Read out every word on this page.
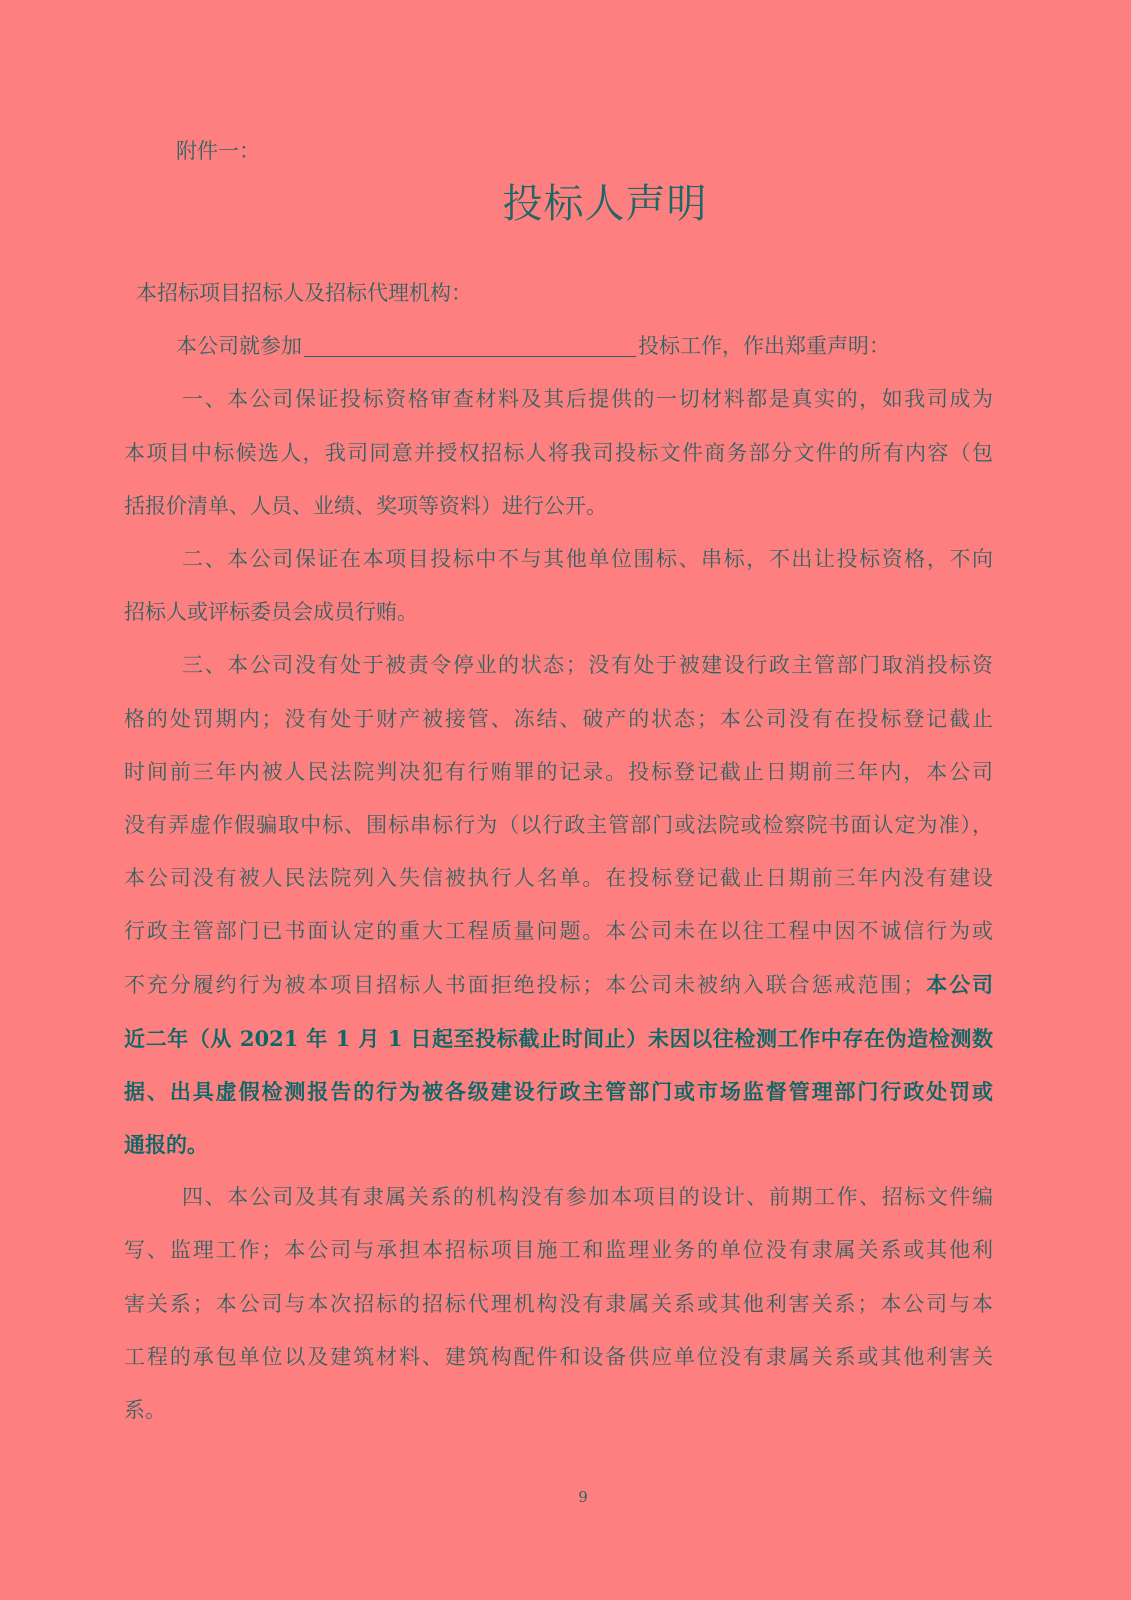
附件一：
投标人声明
本招标项目招标人及招标代理机构：
本公司就参加	投标工作，作出郑重声明：
一、本公司保证投标资格审查材料及其后提供的一切材料都是真实的，如我司成为
本项目中标候选人，我司同意并授权招标人将我司投标文件商务部分文件的所有内容（包
括报价清单、人员、业绩、奖项等资料）进行公开。
二、本公司保证在本项目投标中不与其他单位围标、串标，不出让投标资格，不向
招标人或评标委员会成员行贿。
三、本公司没有处于被责令停业的状态；没有处于被建设行政主管部门取消投标资
格的处罚期内；没有处于财产被接管、冻结、破产的状态；本公司没有在投标登记截止
时间前三年内被人民法院判决犯有行贿罪的记录。投标登记截止日期前三年内，本公司
没有弄虚作假骗取中标、围标串标行为（以行政主管部门或法院或检察院书面认定为准），
本公司没有被人民法院列入失信被执行人名单。在投标登记截止日期前三年内没有建设
行政主管部门已书面认定的重大工程质量问题。本公司未在以往工程中因不诚信行为或
不充分履约行为被本项目招标人书面拒绝投标；本公司未被纳入联合惩戒范围；本公司
近二年（从 2021 年 1 月 1 日起至投标截止时间止）未因以往检测工作中存在伪造检测数
据、出具虚假检测报告的行为被各级建设行政主管部门或市场监督管理部门行政处罚或
通报的。
四、本公司及其有隶属关系的机构没有参加本项目的设计、前期工作、招标文件编
写、监理工作；本公司与承担本招标项目施工和监理业务的单位没有隶属关系或其他利
害关系；本公司与本次招标的招标代理机构没有隶属关系或其他利害关系；本公司与本
工程的承包单位以及建筑材料、建筑构配件和设备供应单位没有隶属关系或其他利害关
系。
9
